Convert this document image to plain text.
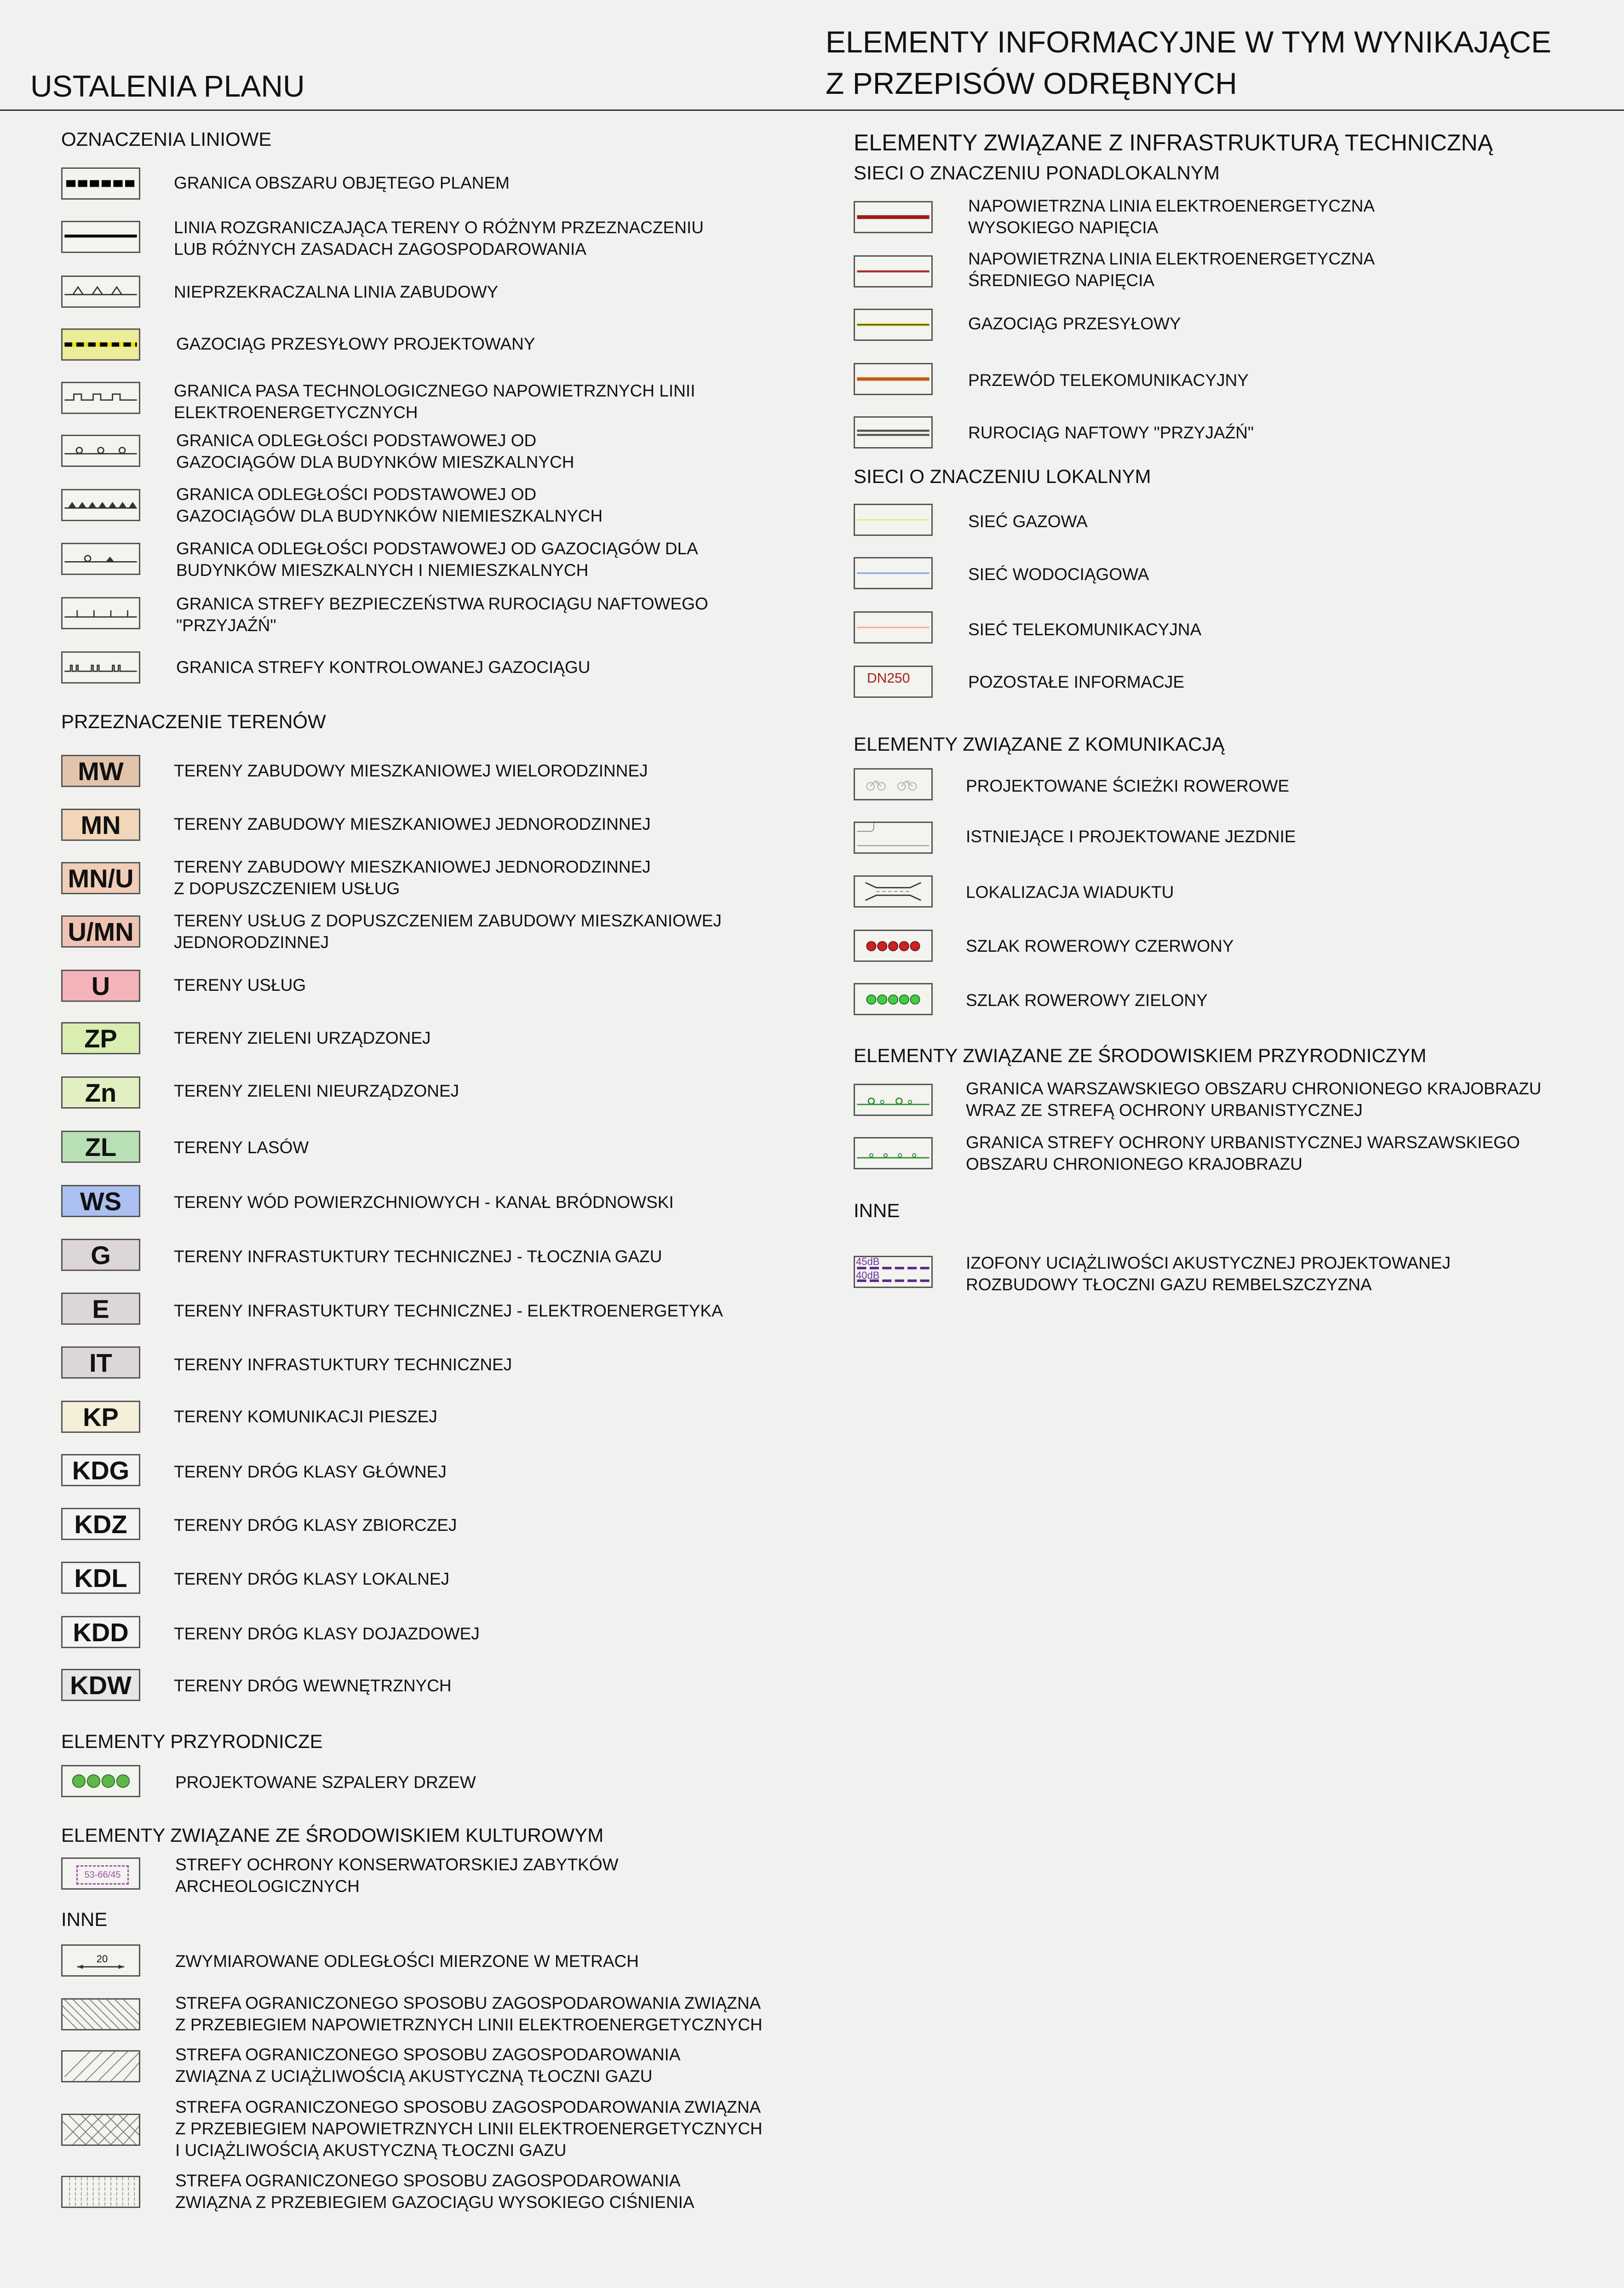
USTALENIA PLANU
ELEMENTY INFORMACYJNE W TYM WYNIKAJĄCE
Z PRZEPISÓW ODRĘBNYCH
OZNACZENIA LINIOWE
GRANICA OBSZARU OBJĘTEGO PLANEM
LINIA ROZGRANICZAJĄCA TERENY O RÓŻNYM PRZEZNACZENIU
LUB RÓŻNYCH ZASADACH ZAGOSPODAROWANIA
NIEPRZEKRACZALNA LINIA ZABUDOWY
GAZOCIĄG PRZESYŁOWY PROJEKTOWANY
GRANICA PASA TECHNOLOGICZNEGO NAPOWIETRZNYCH LINII
ELEKTROENERGETYCZNYCH
GRANICA ODLEGŁOŚCI PODSTAWOWEJ OD
GAZOCIĄGÓW DLA BUDYNKÓW MIESZKALNYCH
GRANICA ODLEGŁOŚCI PODSTAWOWEJ OD
GAZOCIĄGÓW DLA BUDYNKÓW NIEMIESZKALNYCH
GRANICA ODLEGŁOŚCI PODSTAWOWEJ OD GAZOCIĄGÓW DLA
BUDYNKÓW MIESZKALNYCH I NIEMIESZKALNYCH
GRANICA STREFY BEZPIECZEŃSTWA RUROCIĄGU NAFTOWEGO
"PRZYJAŹŃ"
GRANICA STREFY KONTROLOWANEJ GAZOCIĄGU
PRZEZNACZENIE TERENÓW
MW	TERENY ZABUDOWY MIESZKANIOWEJ WIELORODZINNEJ
MN	TERENY ZABUDOWY MIESZKANIOWEJ JEDNORODZINNEJ
MN/U	TERENY ZABUDOWY MIESZKANIOWEJ JEDNORODZINNEJ
Z DOPUSZCZENIEM USŁUG
U/MN	TERENY USŁUG Z DOPUSZCZENIEM ZABUDOWY MIESZKANIOWEJ
JEDNORODZINNEJ
U	TERENY USŁUG
ZP	TERENY ZIELENI URZĄDZONEJ
Zn	TERENY ZIELENI NIEURZĄDZONEJ
ZL	TERENY LASÓW
WS	TERENY WÓD POWIERZCHNIOWYCH - KANAŁ BRÓDNOWSKI
G	TERENY INFRASTUKTURY TECHNICZNEJ - TŁOCZNIA GAZU
E	TERENY INFRASTUKTURY TECHNICZNEJ - ELEKTROENERGETYKA
IT	TERENY INFRASTUKTURY TECHNICZNEJ
KP	TERENY KOMUNIKACJI PIESZEJ
KDG	TERENY DRÓG KLASY GŁÓWNEJ
KDZ	TERENY DRÓG KLASY ZBIORCZEJ
KDL	TERENY DRÓG KLASY LOKALNEJ
KDD	TERENY DRÓG KLASY DOJAZDOWEJ
KDW	TERENY DRÓG WEWNĘTRZNYCH
ELEMENTY PRZYRODNICZE
PROJEKTOWANE SZPALERY DRZEW
ELEMENTY ZWIĄZANE ZE ŚRODOWISKIEM KULTUROWYM
53-66/45
STREFY OCHRONY KONSERWATORSKIEJ ZABYTKÓW
ARCHEOLOGICZNYCH
INNE
20	ZWYMIAROWANE ODLEGŁOŚCI MIERZONE W METRACH
STREFA OGRANICZONEGO SPOSOBU ZAGOSPODAROWANIA ZWIĄZNA
Z PRZEBIEGIEM NAPOWIETRZNYCH LINII ELEKTROENERGETYCZNYCH
STREFA OGRANICZONEGO SPOSOBU ZAGOSPODAROWANIA
ZWIĄZNA Z UCIĄŻLIWOŚCIĄ AKUSTYCZNĄ TŁOCZNI GAZU
STREFA OGRANICZONEGO SPOSOBU ZAGOSPODAROWANIA ZWIĄZNA
Z PRZEBIEGIEM NAPOWIETRZNYCH LINII ELEKTROENERGETYCZNYCH
I UCIĄŻLIWOŚCIĄ AKUSTYCZNĄ TŁOCZNI GAZU
STREFA OGRANICZONEGO SPOSOBU ZAGOSPODAROWANIA
ZWIĄZNA Z PRZEBIEGIEM GAZOCIĄGU WYSOKIEGO CIŚNIENIA
ELEMENTY ZWIĄZANE Z INFRASTRUKTURĄ TECHNICZNĄ
SIECI O ZNACZENIU PONADLOKALNYM
NAPOWIETRZNA LINIA ELEKTROENERGETYCZNA
WYSOKIEGO NAPIĘCIA
NAPOWIETRZNA LINIA ELEKTROENERGETYCZNA
ŚREDNIEGO NAPIĘCIA
GAZOCIĄG PRZESYŁOWY
PRZEWÓD TELEKOMUNIKACYJNY
RUROCIĄG NAFTOWY "PRZYJAŹŃ"
SIECI O ZNACZENIU LOKALNYM
SIEĆ GAZOWA
SIEĆ WODOCIĄGOWA
SIEĆ TELEKOMUNIKACYJNA
DN250	POZOSTAŁE INFORMACJE
ELEMENTY ZWIĄZANE Z KOMUNIKACJĄ
PROJEKTOWANE ŚCIEŻKI ROWEROWE
ISTNIEJĄCE I PROJEKTOWANE JEZDNIE
LOKALIZACJA WIADUKTU
SZLAK ROWEROWY CZERWONY
SZLAK ROWEROWY ZIELONY
ELEMENTY ZWIĄZANE ZE ŚRODOWISKIEM PRZYRODNICZYM
GRANICA WARSZAWSKIEGO OBSZARU CHRONIONEGO KRAJOBRAZU
WRAZ ZE STREFĄ OCHRONY URBANISTYCZNEJ
GRANICA STREFY OCHRONY URBANISTYCZNEJ WARSZAWSKIEGO
OBSZARU CHRONIONEGO KRAJOBRAZU
INNE
45dB
40dB
IZOFONY UCIĄŻLIWOŚCI AKUSTYCZNEJ PROJEKTOWANEJ
ROZBUDOWY TŁOCZNI GAZU REMBELSZCZYZNA
